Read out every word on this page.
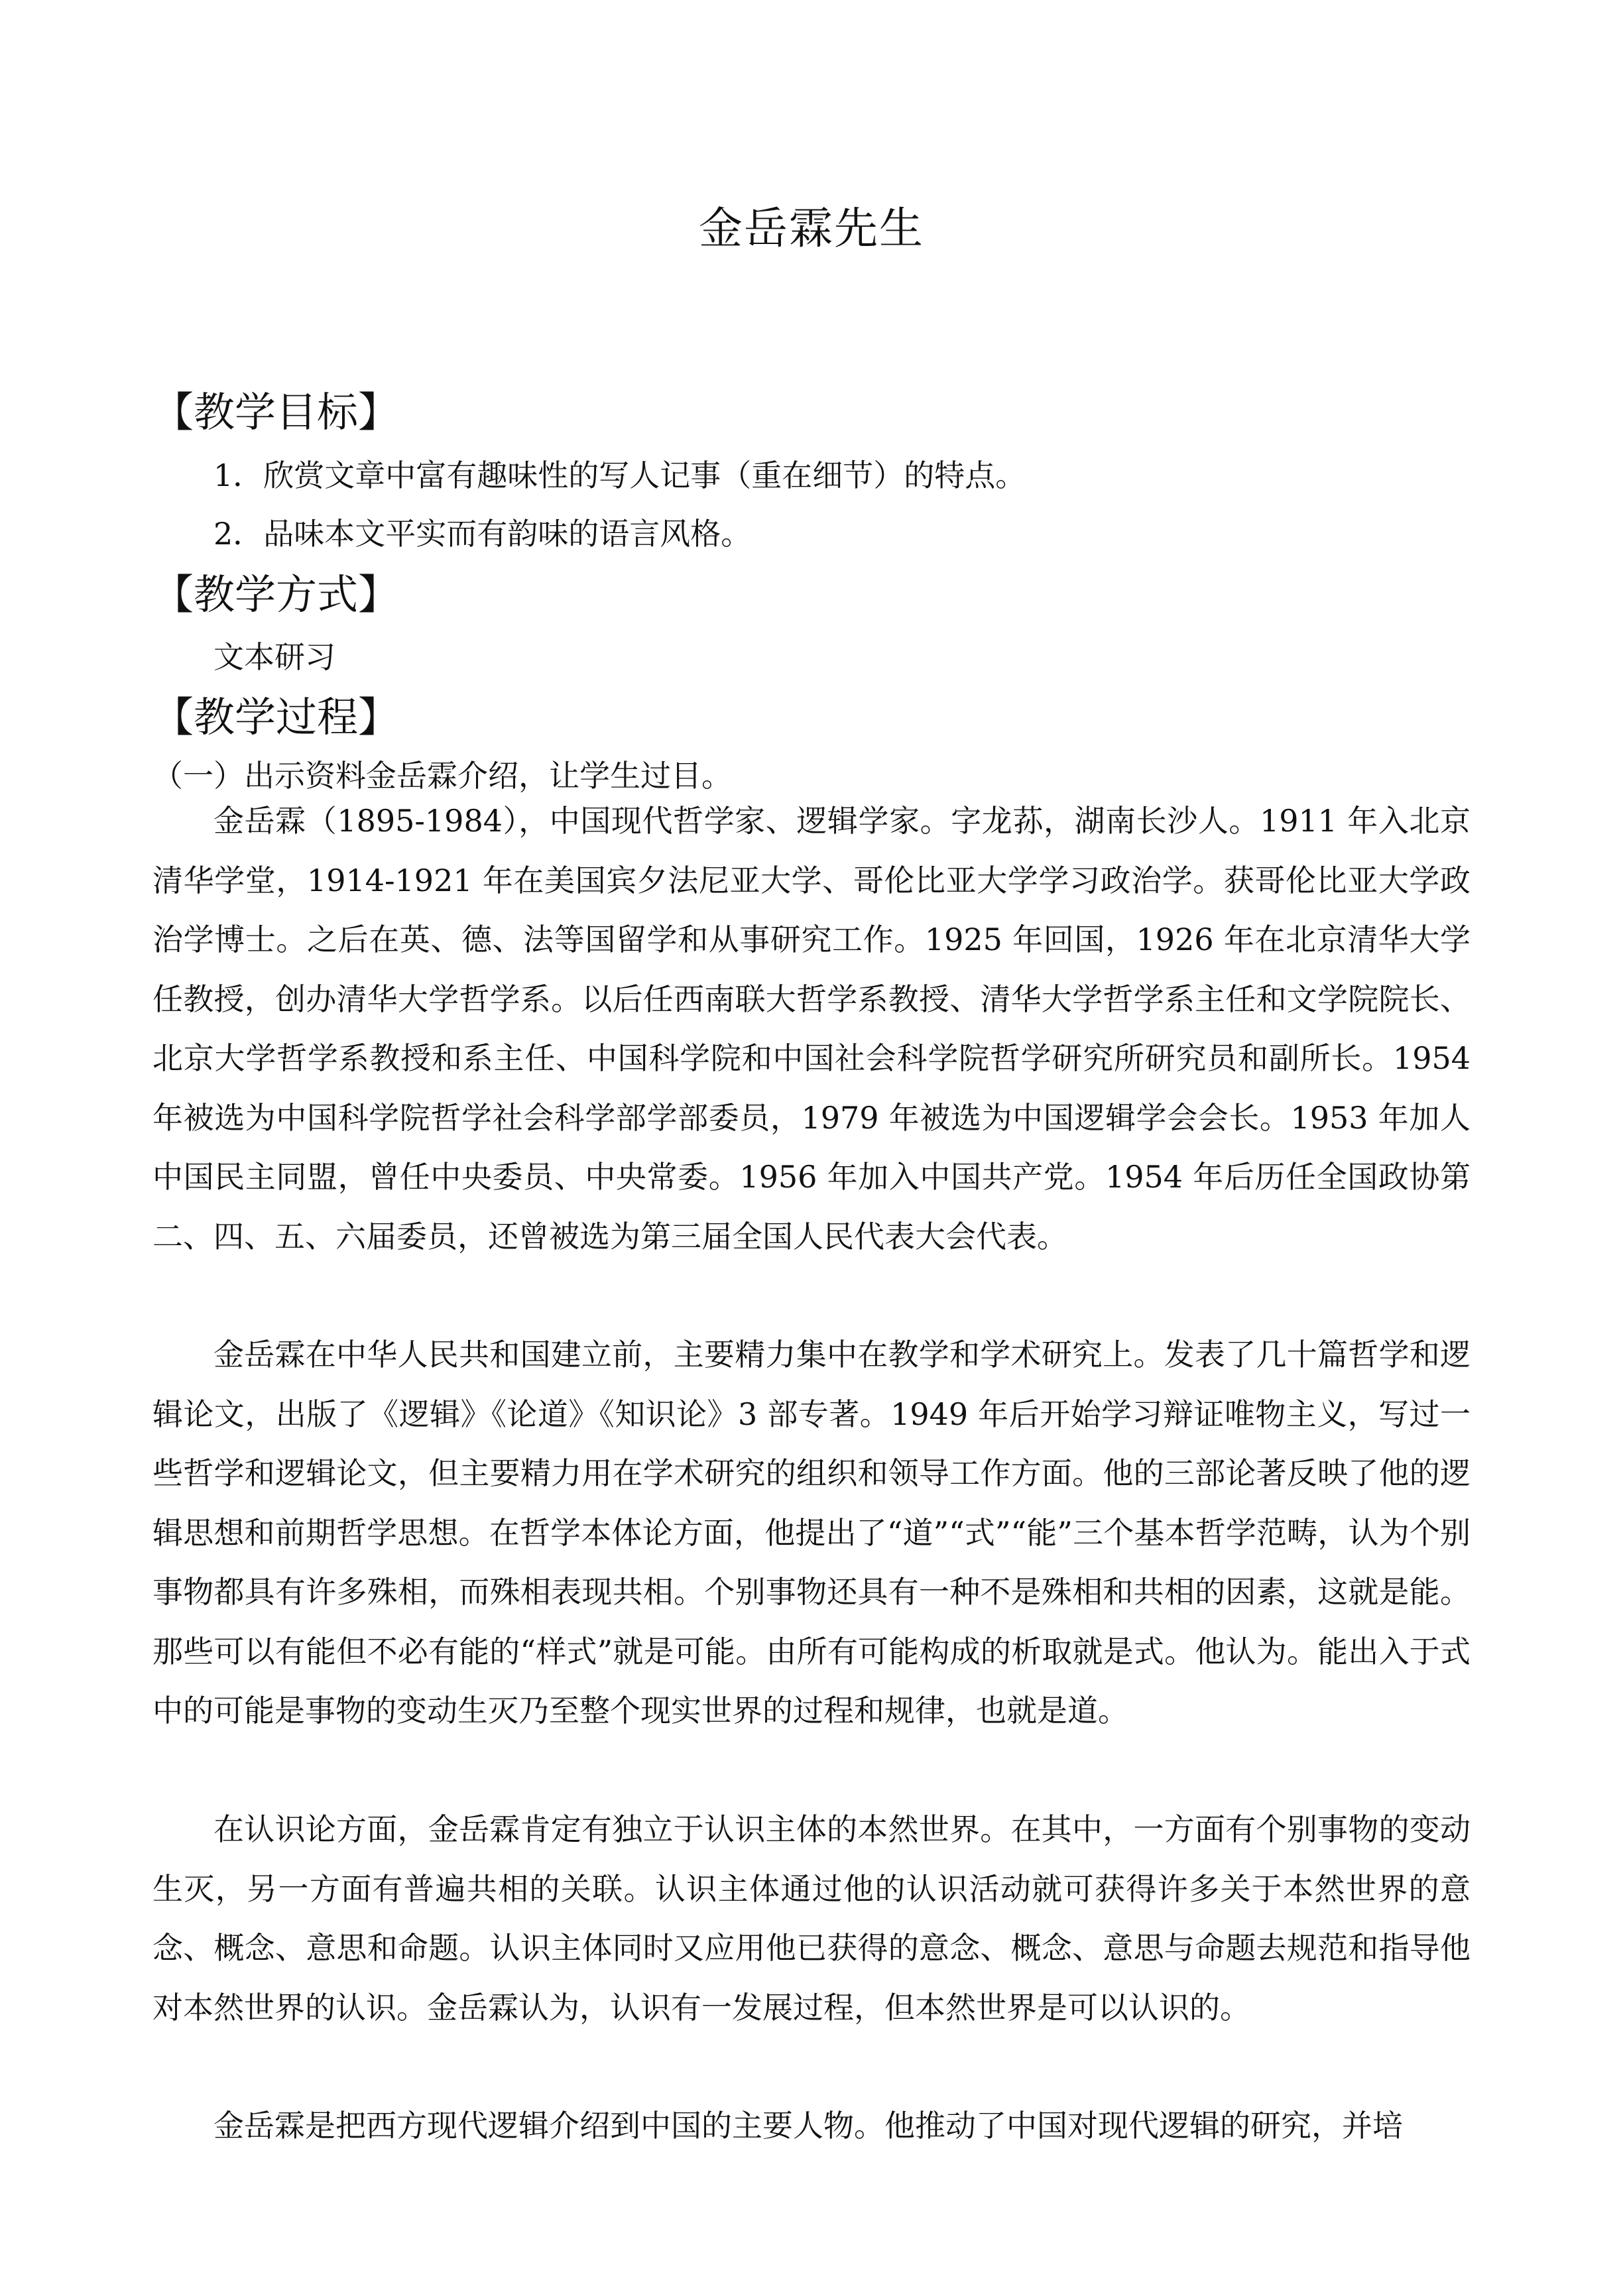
金岳霖先生
【教学目标】
1．欣赏文章中富有趣味性的写人记事（重在细节）的特点。
2．品味本文平实而有韵味的语言风格。
【教学方式】
文本研习
【教学过程】
（一）出示资料金岳霖介绍，让学生过目。
金岳霖（1895-1984），中国现代哲学家、逻辑学家。字龙荪，湖南长沙人。1911 年入北京清华学堂，1914-1921 年在美国宾夕法尼亚大学、哥伦比亚大学学习政治学。获哥伦比亚大学政治学博士。之后在英、德、法等国留学和从事研究工作。1925 年回国，1926 年在北京清华大学任教授，创办清华大学哲学系。以后任西南联大哲学系教授、清华大学哲学系主任和文学院院长、北京大学哲学系教授和系主任、中国科学院和中国社会科学院哲学研究所研究员和副所长。1954 年被选为中国科学院哲学社会科学部学部委员，1979 年被选为中国逻辑学会会长。1953 年加人中国民主同盟，曾任中央委员、中央常委。1956 年加入中国共产党。1954 年后历任全国政协第二、四、五、六届委员，还曾被选为第三届全国人民代表大会代表。
金岳霖在中华人民共和国建立前，主要精力集中在教学和学术研究上。发表了几十篇哲学和逻辑论文，出版了《逻辑》《论道》《知识论》3 部专著。1949 年后开始学习辩证唯物主义，写过一些哲学和逻辑论文，但主要精力用在学术研究的组织和领导工作方面。他的三部论著反映了他的逻辑思想和前期哲学思想。在哲学本体论方面，他提出了“道”“式”“能”三个基本哲学范畴，认为个别事物都具有许多殊相，而殊相表现共相。个别事物还具有一种不是殊相和共相的因素，这就是能。那些可以有能但不必有能的“样式”就是可能。由所有可能构成的析取就是式。他认为。能出入于式中的可能是事物的变动生灭乃至整个现实世界的过程和规律，也就是道。
在认识论方面，金岳霖肯定有独立于认识主体的本然世界。在其中，一方面有个别事物的变动生灭，另一方面有普遍共相的关联。认识主体通过他的认识活动就可获得许多关于本然世界的意念、概念、意思和命题。认识主体同时又应用他已获得的意念、概念、意思与命题去规范和指导他对本然世界的认识。金岳霖认为，认识有一发展过程，但本然世界是可以认识的。
金岳霖是把西方现代逻辑介绍到中国的主要人物。他推动了中国对现代逻辑的研究，并培
